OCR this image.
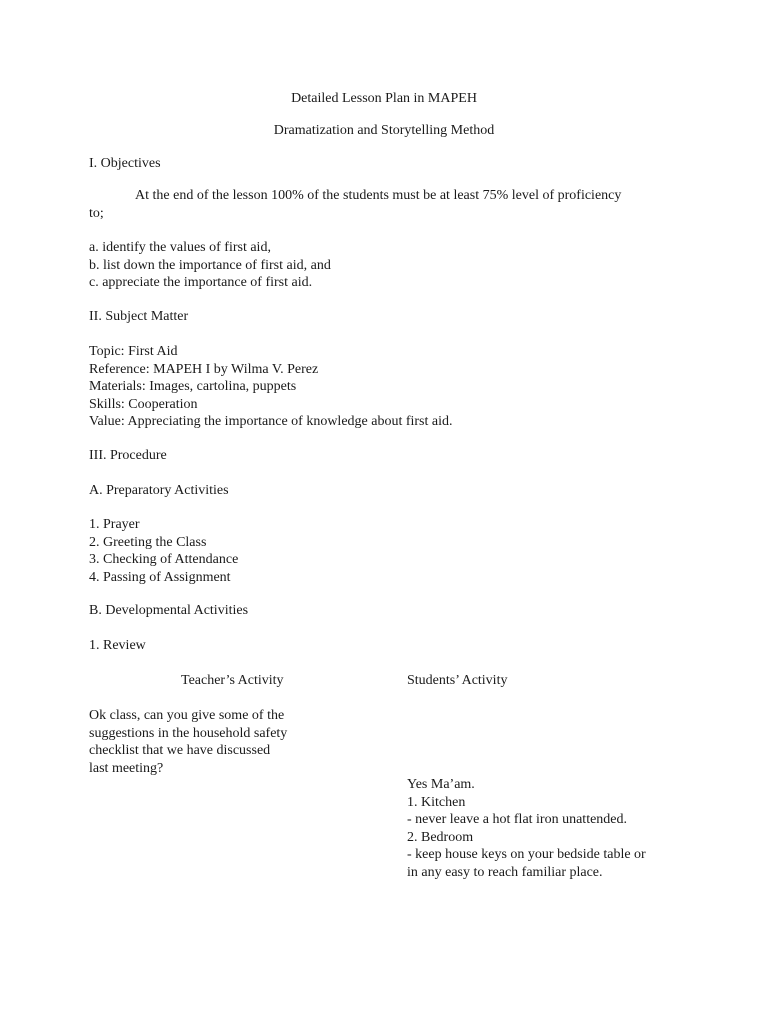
Detailed Lesson Plan in MAPEH
Dramatization and Storytelling Method
I. Objectives
At the end of the lesson 100% of the students must be at least 75% level of proficiency
to;
a. identify the values of first aid,
b. list down the importance of first aid, and
c. appreciate the importance of first aid.
II. Subject Matter
Topic: First Aid
Reference: MAPEH I by Wilma V. Perez
Materials: Images, cartolina, puppets
Skills: Cooperation
Value: Appreciating the importance of knowledge about first aid.
III. Procedure
A. Preparatory Activities
1. Prayer
2. Greeting the Class
3. Checking of Attendance
4. Passing of Assignment
B. Developmental Activities
1. Review
Teacher’s Activity	Students’ Activity
Ok class, can you give some of the
suggestions in the household safety
checklist that we have discussed
last meeting?
Yes Ma’am.
1. Kitchen
- never leave a hot flat iron unattended.
2. Bedroom
- keep house keys on your bedside table or
in any easy to reach familiar place.
